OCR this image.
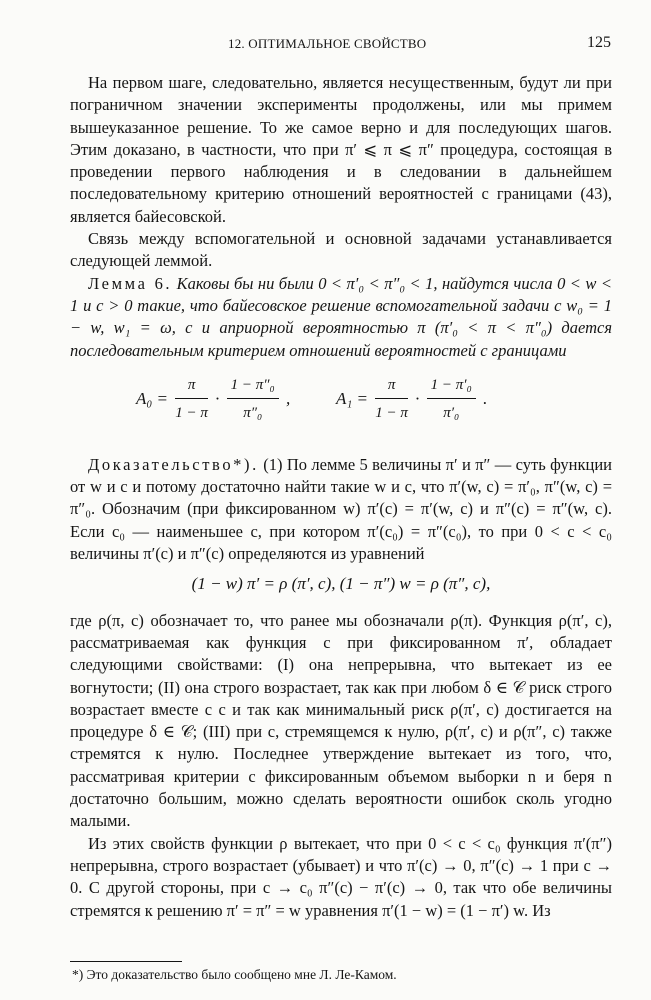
12. ОПТИМАЛЬНОЕ СВОЙСТВО	125

На первом шаге, следовательно, является несущественным, будут ли при пограничном значении эксперименты продолжены, или мы примем вышеуказанное решение. То же самое верно и для последующих шагов. Этим доказано, в частности, что при π′ ⩽ π ⩽ π″ процедура, состоящая в проведении первого наблюдения и в следовании в дальнейшем последовательному критерию отношений вероятностей с границами (43), является байесовской.

Связь между вспомогательной и основной задачами устанавливается следующей леммой.

Лемма 6. Каковы бы ни были 0 < π′₀ < π″₀ < 1, найдутся числа 0 < w < 1 и c > 0 такие, что байесовское решение вспомогательной задачи с w₀ = 1 − w, w₁ = ω, с и априорной вероятностью π (π′₀ < π < π″₀) дается последовательным критерием отношений вероятностей с границами

$A_0 = \frac{\pi}{1 - \pi} \cdot \frac{\text{1 − π″₀}}{\text{π″₀}}$ ,	$A_1 = \frac{\pi}{1 - \pi} \cdot \frac{\text{1 − π′₀}}{\text{π′₀}}$ .

Доказательство*). (1) По лемме 5 величины π′ и π″ — суть функции от w и c и потому достаточно найти такие w и c, что π′(w, c) = π′₀, π″(w, c) = π″₀. Обозначим (при фиксированном w) π′(c) = π′(w, c) и π″(c) = π″(w, c). Если c₀ — наименьшее c, при котором π′(c₀) = π″(c₀), то при 0 < c < c₀ величины π′(c) и π″(c) определяются из уравнений

(1 − w) π′ = ρ (π′, c), (1 − π″) w = ρ (π″, c),

где ρ(π, c) обозначает то, что ранее мы обозначали ρ(π). Функция ρ(π′, c), рассматриваемая как функция c при фиксированном π′, обладает следующими свойствами: (I) она непрерывна, что вытекает из ее вогнутости; (II) она строго возрастает, так как при любом δ ∈ 𝒞 риск строго возрастает вместе с c и так как минимальный риск ρ(π′, c) достигается на процедуре δ ∈ 𝒞; (III) при c, стремящемся к нулю, ρ(π′, c) и ρ(π″, c) также стремятся к нулю. Последнее утверждение вытекает из того, что, рассматривая критерии с фиксированным объемом выборки n и беря n достаточно большим, можно сделать вероятности ошибок сколь угодно малыми.

Из этих свойств функции ρ вытекает, что при 0 < c < c₀ функция π′(π″) непрерывна, строго возрастает (убывает) и что π′(c) → 0, π″(c) → 1 при c → 0. С другой стороны, при c → c₀ π″(c) − π′(c) → 0, так что обе величины стремятся к решению π′ = π″ = w уравнения π′(1 − w) = (1 − π′) w. Из

*) Это доказательство было сообщено мне Л. Ле-Камом.
